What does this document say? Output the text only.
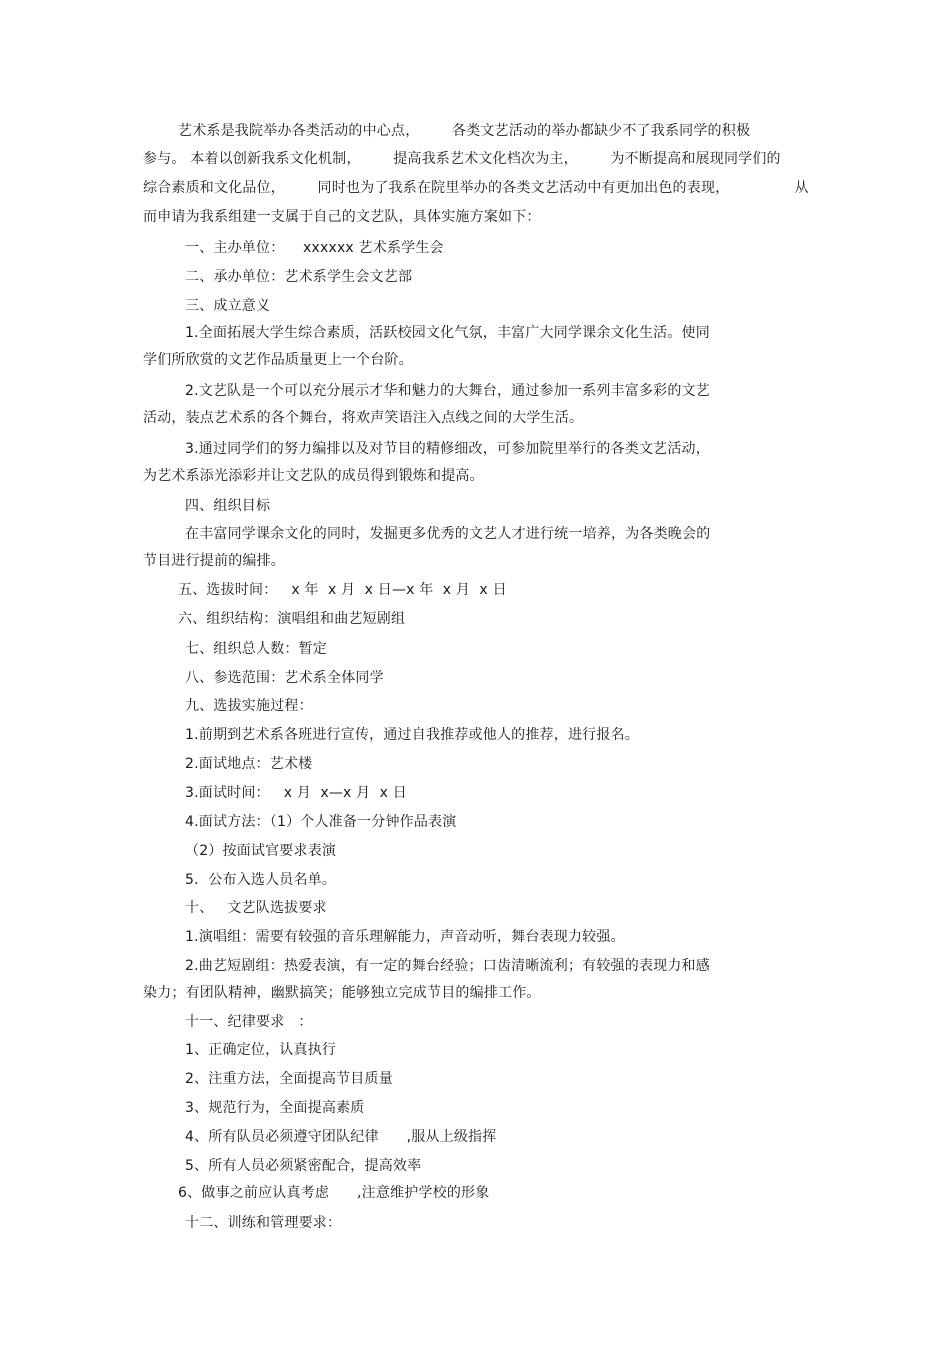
艺术系是我院举办各类活动的中心点，       各类文艺活动的举办都缺少不了我系同学的积极
参与。 本着以创新我系文化机制，       提高我系艺术文化档次为主，       为不断提高和展现同学们的
综合素质和文化品位，       同时也为了我系在院里举办的各类文艺活动中有更加出色的表现，              从
而申请为我系组建一支属于自己的文艺队，具体实施方案如下：
一、主办单位：    xxxxxx 艺术系学生会
二、承办单位：艺术系学生会文艺部
三、成立意义
1.全面拓展大学生综合素质，活跃校园文化气氛，丰富广大同学课余文化生活。使同
学们所欣赏的文艺作品质量更上一个台阶。
2.文艺队是一个可以充分展示才华和魅力的大舞台，通过参加一系列丰富多彩的文艺
活动，装点艺术系的各个舞台，将欢声笑语注入点线之间的大学生活。
3.通过同学们的努力编排以及对节目的精修细改，可参加院里举行的各类文艺活动，
为艺术系添光添彩并让文艺队的成员得到锻炼和提高。
四、组织目标
在丰富同学课余文化的同时，发掘更多优秀的文艺人才进行统一培养，为各类晚会的
节目进行提前的编排。
五、选拔时间：   x 年  x 月  x 日—x 年  x 月  x 日
六、组织结构：演唱组和曲艺短剧组
七、组织总人数：暂定
八、参选范围：艺术系全体同学
九、选拔实施过程：
1.前期到艺术系各班进行宣传，通过自我推荐或他人的推荐，进行报名。
2.面试地点：艺术楼
3.面试时间：   x 月  x—x 月  x 日
4.面试方法：（1）个人准备一分钟作品表演
（2）按面试官要求表演
5．公布入选人员名单。
十、   文艺队选拔要求
1.演唱组：需要有较强的音乐理解能力，声音动听，舞台表现力较强。
2.曲艺短剧组：热爱表演，有一定的舞台经验；口齿清晰流利；有较强的表现力和感
染力；有团队精神，幽默搞笑；能够独立完成节目的编排工作。
十一、纪律要求   ：
1、正确定位，认真执行
2、注重方法，全面提高节目质量
3、规范行为，全面提高素质
4、所有队员必须遵守团队纪律      ,服从上级指挥
5、所有人员必须紧密配合，提高效率
6、做事之前应认真考虑      ,注意维护学校的形象
十二、训练和管理要求：
